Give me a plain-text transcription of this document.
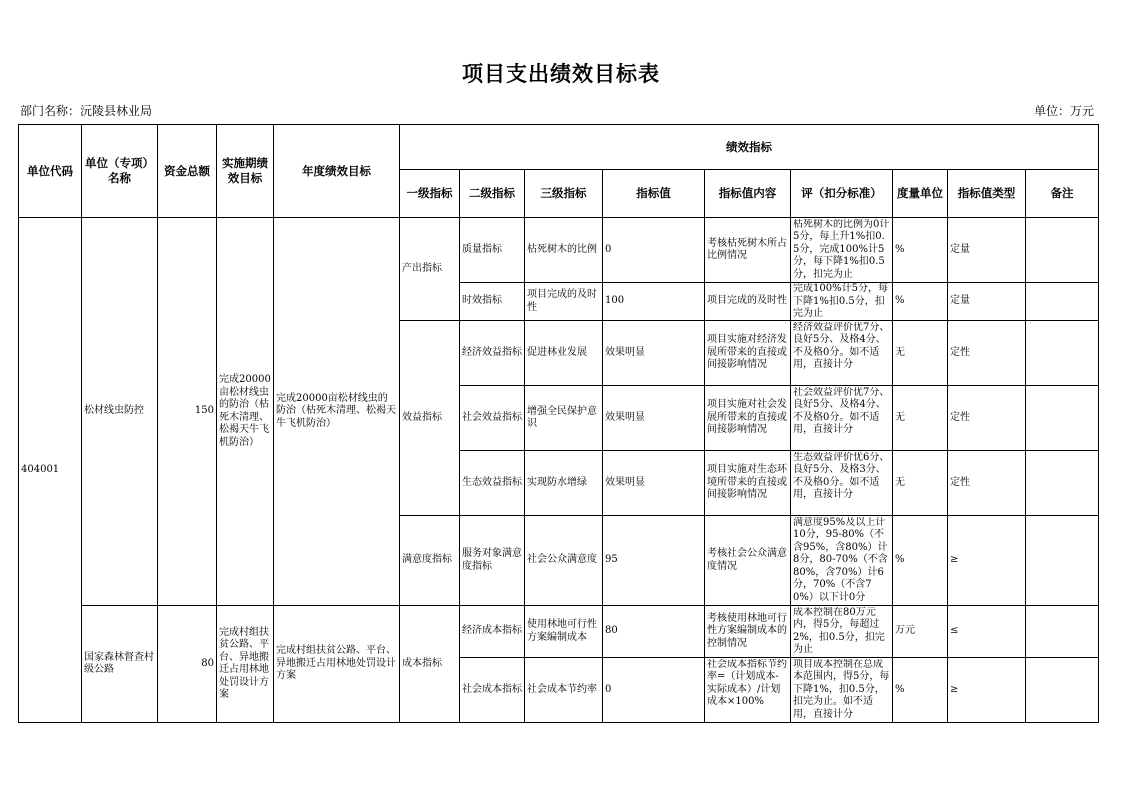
项目支出绩效目标表
部门名称：沅陵县林业局	单位：万元
单位代码	单位（专项）名称	资金总额	实施期绩效目标	年度绩效目标	绩效指标								
					一级指标	二级指标	三级指标	指标值	指标值内容	评（扣分标准）	度量单位	指标值类型	备注
404001	松材线虫防控	150	完成20000亩松材线虫的防治（枯死木清理、松褐天牛飞机防治）	完成20000亩松材线虫的防治（枯死木清理、松褐天牛飞机防治）	产出指标	质量指标	枯死树木的比例	0	考核枯死树木所占比例情况	枯死树木的比例为0计5分，每上升1%扣0.5分，完成100%计5分，每下降1%扣0.5分，扣完为止	%	定量	
						时效指标	项目完成的及时性	100	项目完成的及时性	完成100%计5分，每下降1%扣0.5分，扣完为止	%	定量	
					效益指标	经济效益指标	促进林业发展	效果明显	项目实施对经济发展所带来的直接或间接影响情况	经济效益评价优7分、良好5分、及格4分、不及格0分。如不适用，直接计分	无	定性	
						社会效益指标	增强全民保护意识	效果明显	项目实施对社会发展所带来的直接或间接影响情况	社会效益评价优7分、良好5分、及格4分、不及格0分。如不适用，直接计分	无	定性	
						生态效益指标	实现防水增绿	效果明显	项目实施对生态环境所带来的直接或间接影响情况	生态效益评价优6分、良好5分、及格3分、不及格0分。如不适用，直接计分	无	定性	
					满意度指标	服务对象满意度指标	社会公众满意度	95	考核社会公众满意度情况	满意度95%及以上计10分，95-80%（不含95%，含80%）计8分，80-70%（不含80%，含70%）计6分，70%（不含70%）以下计0分	%	≥	
	国家森林督查村级公路	80	完成村组扶贫公路、平台、异地搬迁占用林地处罚设计方案	完成村组扶贫公路、平台、异地搬迁占用林地处罚设计方案	成本指标	经济成本指标	使用林地可行性方案编制成本	80	考核使用林地可行性方案编制成本的控制情况	成本控制在80万元内，得5分，每超过2%，扣0.5分，扣完为止	万元	≤	
						社会成本指标	社会成本节约率	0	社会成本指标节约率=（计划成本-实际成本）/计划成本×100%	项目成本控制在总成本范围内，得5分，每下降1%，扣0.5分，扣完为止。如不适用，直接计分	%	≥	
